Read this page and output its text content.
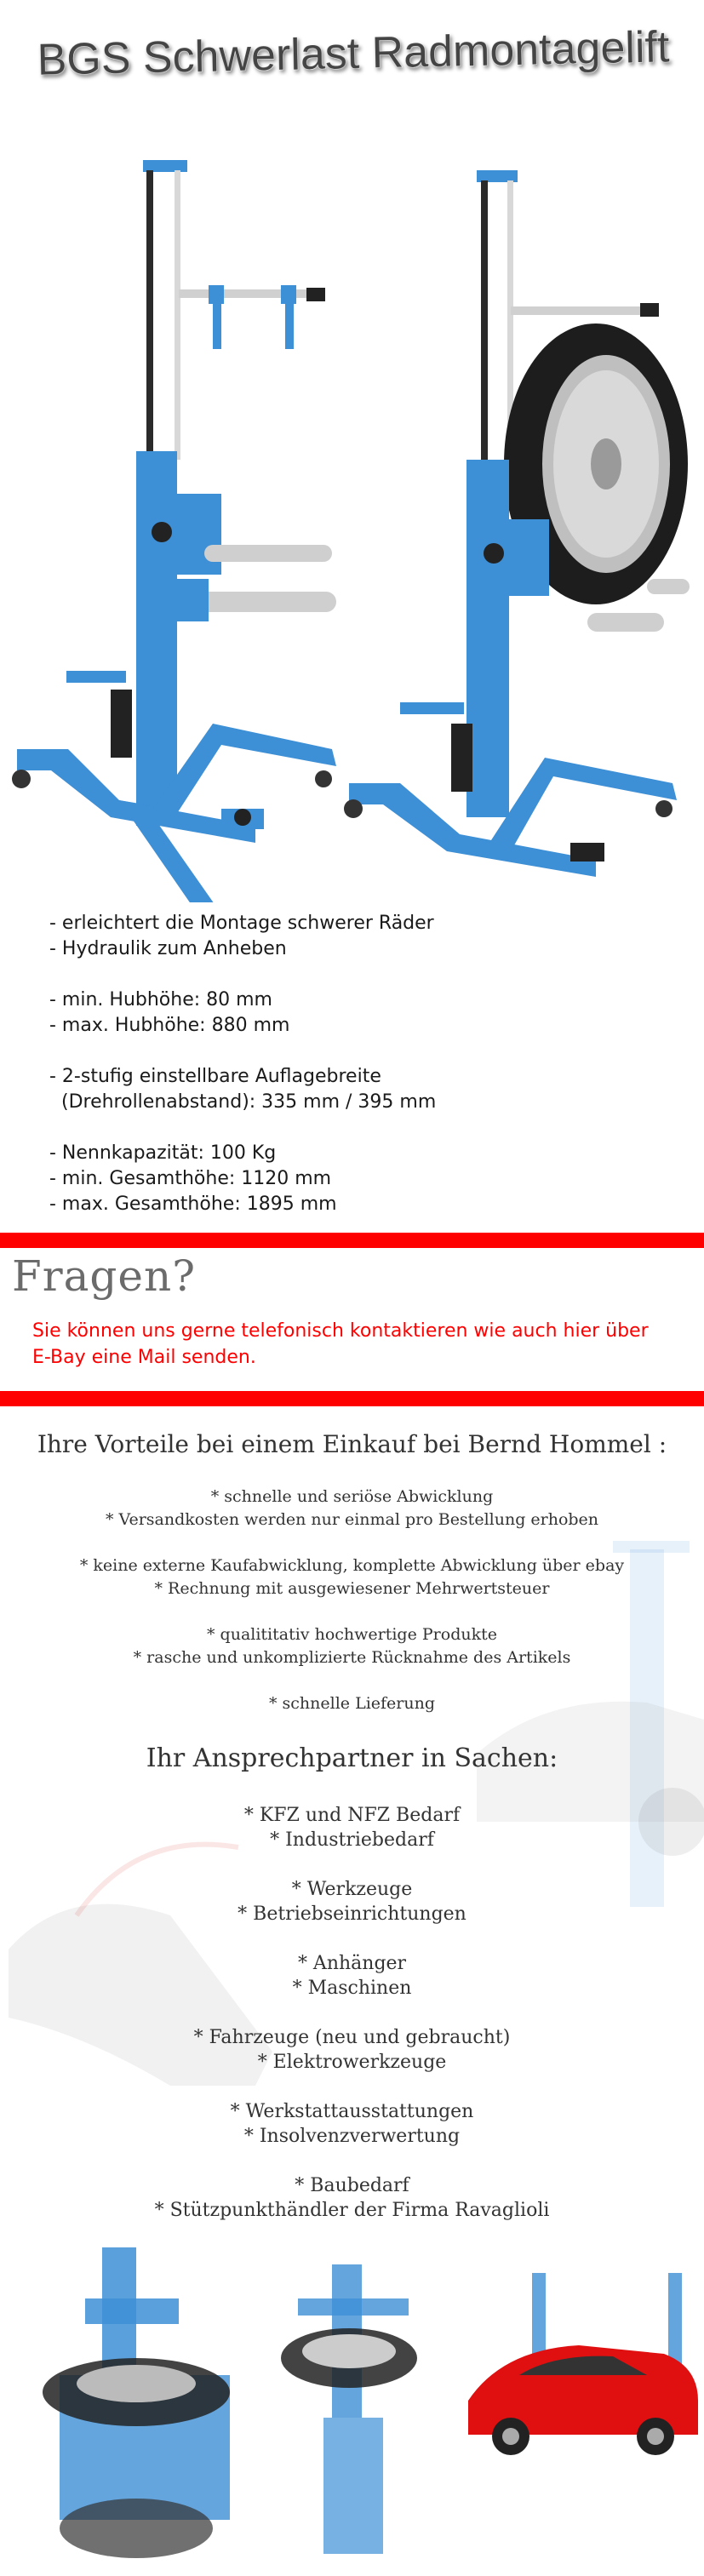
BGS Schwerlast Radmontagelift
- erleichtert die Montage schwerer Räder
- Hydraulik zum Anheben
- min. Hubhöhe: 80 mm
- max. Hubhöhe: 880 mm
- 2-stufig einstellbare Auflagebreite
(Drehrollenabstand): 335 mm / 395 mm
- Nennkapazität: 100 Kg
- min. Gesamthöhe: 1120 mm
- max. Gesamthöhe: 1895 mm
Fragen?
Sie können uns gerne telefonisch kontaktieren wie auch hier über E-Bay eine Mail senden.
Ihre Vorteile bei einem Einkauf bei Bernd Hommel :
* schnelle und seriöse Abwicklung
* Versandkosten werden nur einmal pro Bestellung erhoben
* keine externe Kaufabwicklung, komplette Abwicklung über ebay
* Rechnung mit ausgewiesener Mehrwertsteuer
* qualititativ hochwertige Produkte
* rasche und unkomplizierte Rücknahme des Artikels
* schnelle Lieferung
Ihr Ansprechpartner in Sachen:
* KFZ und NFZ Bedarf
* Industriebedarf
* Werkzeuge
* Betriebseinrichtungen
* Anhänger
* Maschinen
* Fahrzeuge (neu und gebraucht)
* Elektrowerkzeuge
* Werkstattausstattungen
* Insolvenzverwertung
* Baubedarf
* Stützpunkthändler der Firma Ravaglioli
